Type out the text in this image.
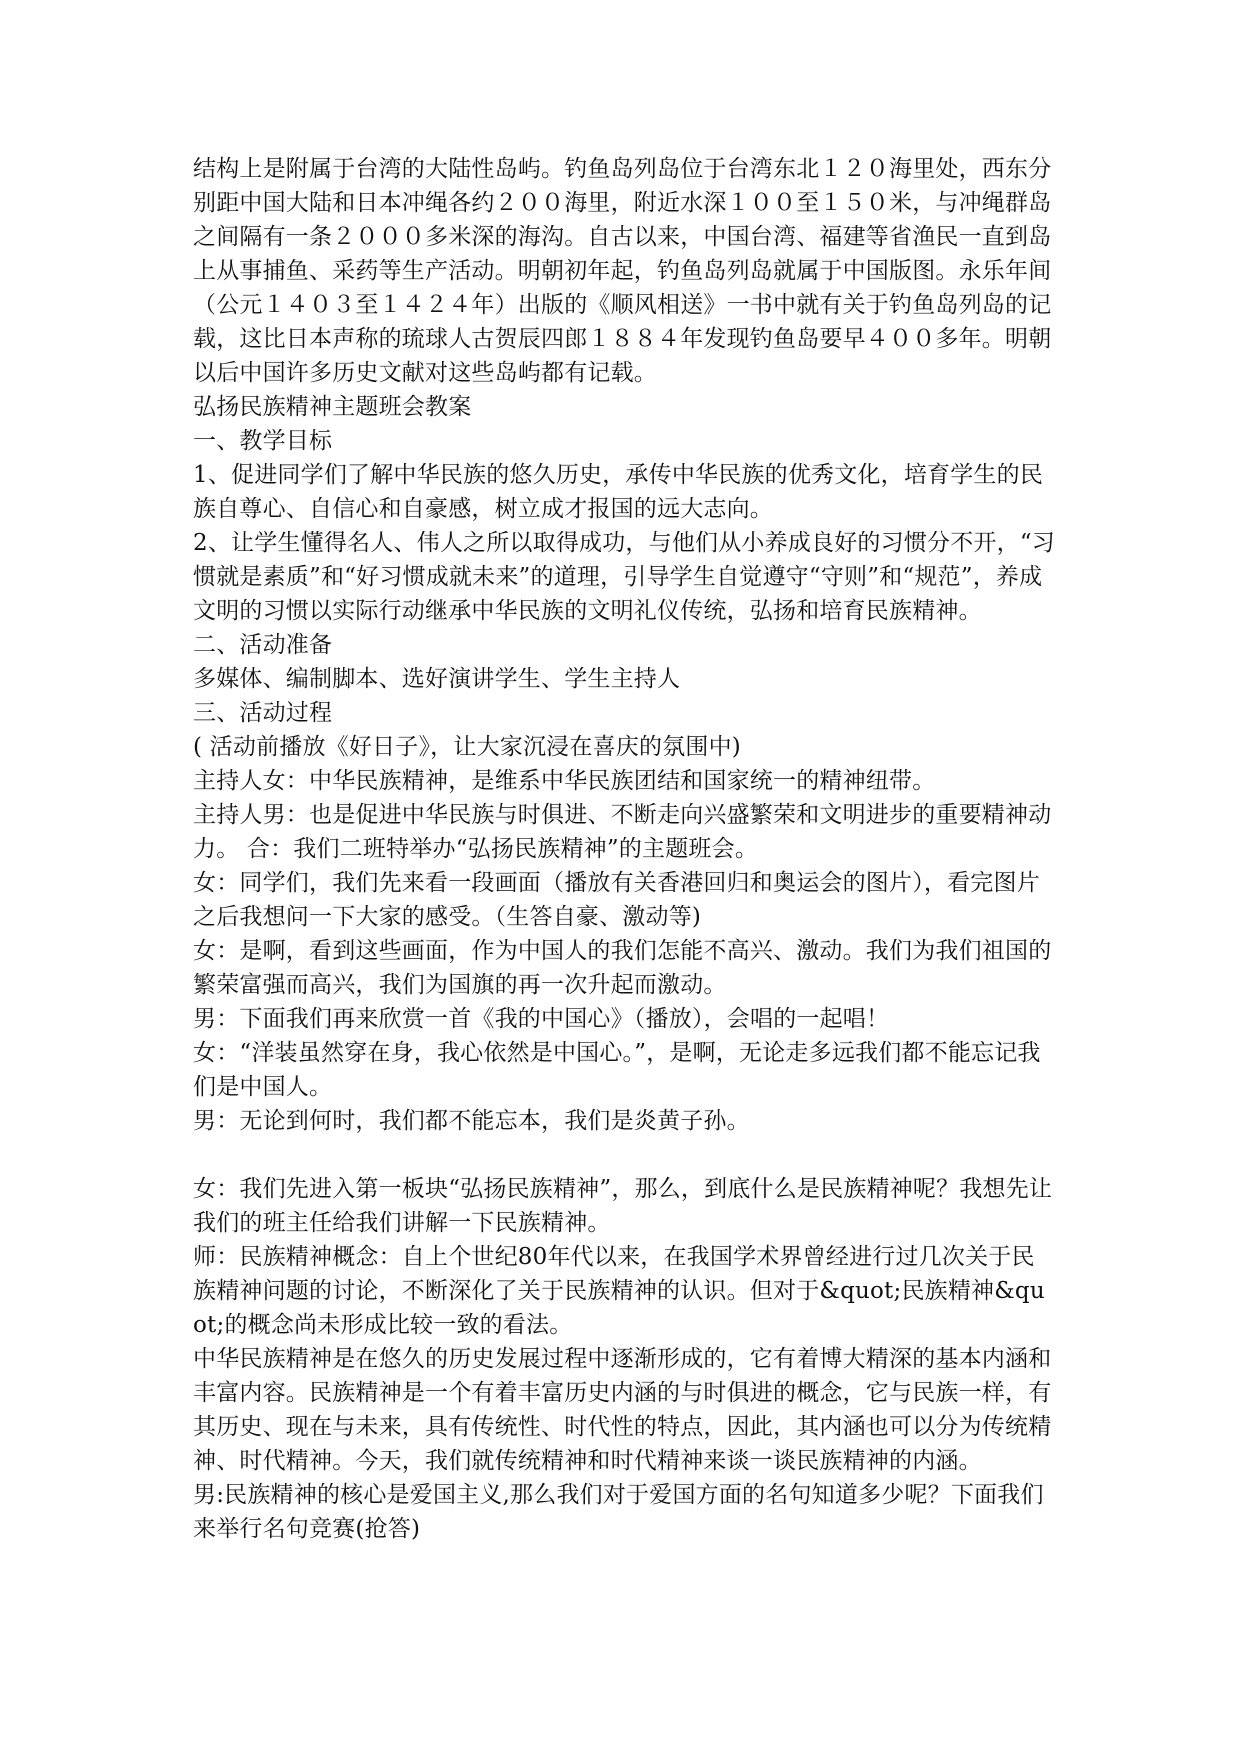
结构上是附属于台湾的大陆性岛屿。钓鱼岛列岛位于台湾东北１２０海里处，西东分别距中国大陆和日本冲绳各约２００海里，附近水深１００至１５０米，与冲绳群岛之间隔有一条２０００多米深的海沟。自古以来，中国台湾、福建等省渔民一直到岛上从事捕鱼、采药等生产活动。明朝初年起，钓鱼岛列岛就属于中国版图。永乐年间（公元１４０３至１４２４年）出版的《顺风相送》一书中就有关于钓鱼岛列岛的记载，这比日本声称的琉球人古贺辰四郎１８８４年发现钓鱼岛要早４００多年。明朝以后中国许多历史文献对这些岛屿都有记载。

弘扬民族精神主题班会教案

一、教学目标

1、促进同学们了解中华民族的悠久历史，承传中华民族的优秀文化，培育学生的民族自尊心、自信心和自豪感，树立成才报国的远大志向。

2、让学生懂得名人、伟人之所以取得成功，与他们从小养成良好的习惯分不开，“习惯就是素质”和“好习惯成就未来”的道理，引导学生自觉遵守“守则”和“规范”，养成文明的习惯以实际行动继承中华民族的文明礼仪传统，弘扬和培育民族精神。

二、活动准备

多媒体、编制脚本、选好演讲学生、学生主持人

三、活动过程

( 活动前播放《好日子》，让大家沉浸在喜庆的氛围中)

主持人女：中华民族精神，是维系中华民族团结和国家统一的精神纽带。

主持人男：也是促进中华民族与时俱进、不断走向兴盛繁荣和文明进步的重要精神动力。 合：我们二班特举办“弘扬民族精神”的主题班会。

女：同学们，我们先来看一段画面（播放有关香港回归和奥运会的图片），看完图片之后我想问一下大家的感受。（生答自豪、激动等)

女：是啊，看到这些画面，作为中国人的我们怎能不高兴、激动。我们为我们祖国的繁荣富强而高兴，我们为国旗的再一次升起而激动。

男：下面我们再来欣赏一首《我的中国心》（播放），会唱的一起唱！

女：“洋装虽然穿在身，我心依然是中国心。”，是啊，无论走多远我们都不能忘记我们是中国人。

男：无论到何时，我们都不能忘本，我们是炎黄子孙。

女：我们先进入第一板块“弘扬民族精神”，那么，到底什么是民族精神呢？我想先让我们的班主任给我们讲解一下民族精神。

师：民族精神概念：自上个世纪80年代以来，在我国学术界曾经进行过几次关于民族精神问题的讨论，不断深化了关于民族精神的认识。但对于&quot;民族精神&quot;的概念尚未形成比较一致的看法。

中华民族精神是在悠久的历史发展过程中逐渐形成的，它有着博大精深的基本内涵和丰富内容。民族精神是一个有着丰富历史内涵的与时俱进的概念，它与民族一样，有其历史、现在与未来，具有传统性、时代性的特点，因此，其内涵也可以分为传统精神、时代精神。今天，我们就传统精神和时代精神来谈一谈民族精神的内涵。

男:民族精神的核心是爱国主义,那么我们对于爱国方面的名句知道多少呢？下面我们来举行名句竞赛(抢答)
